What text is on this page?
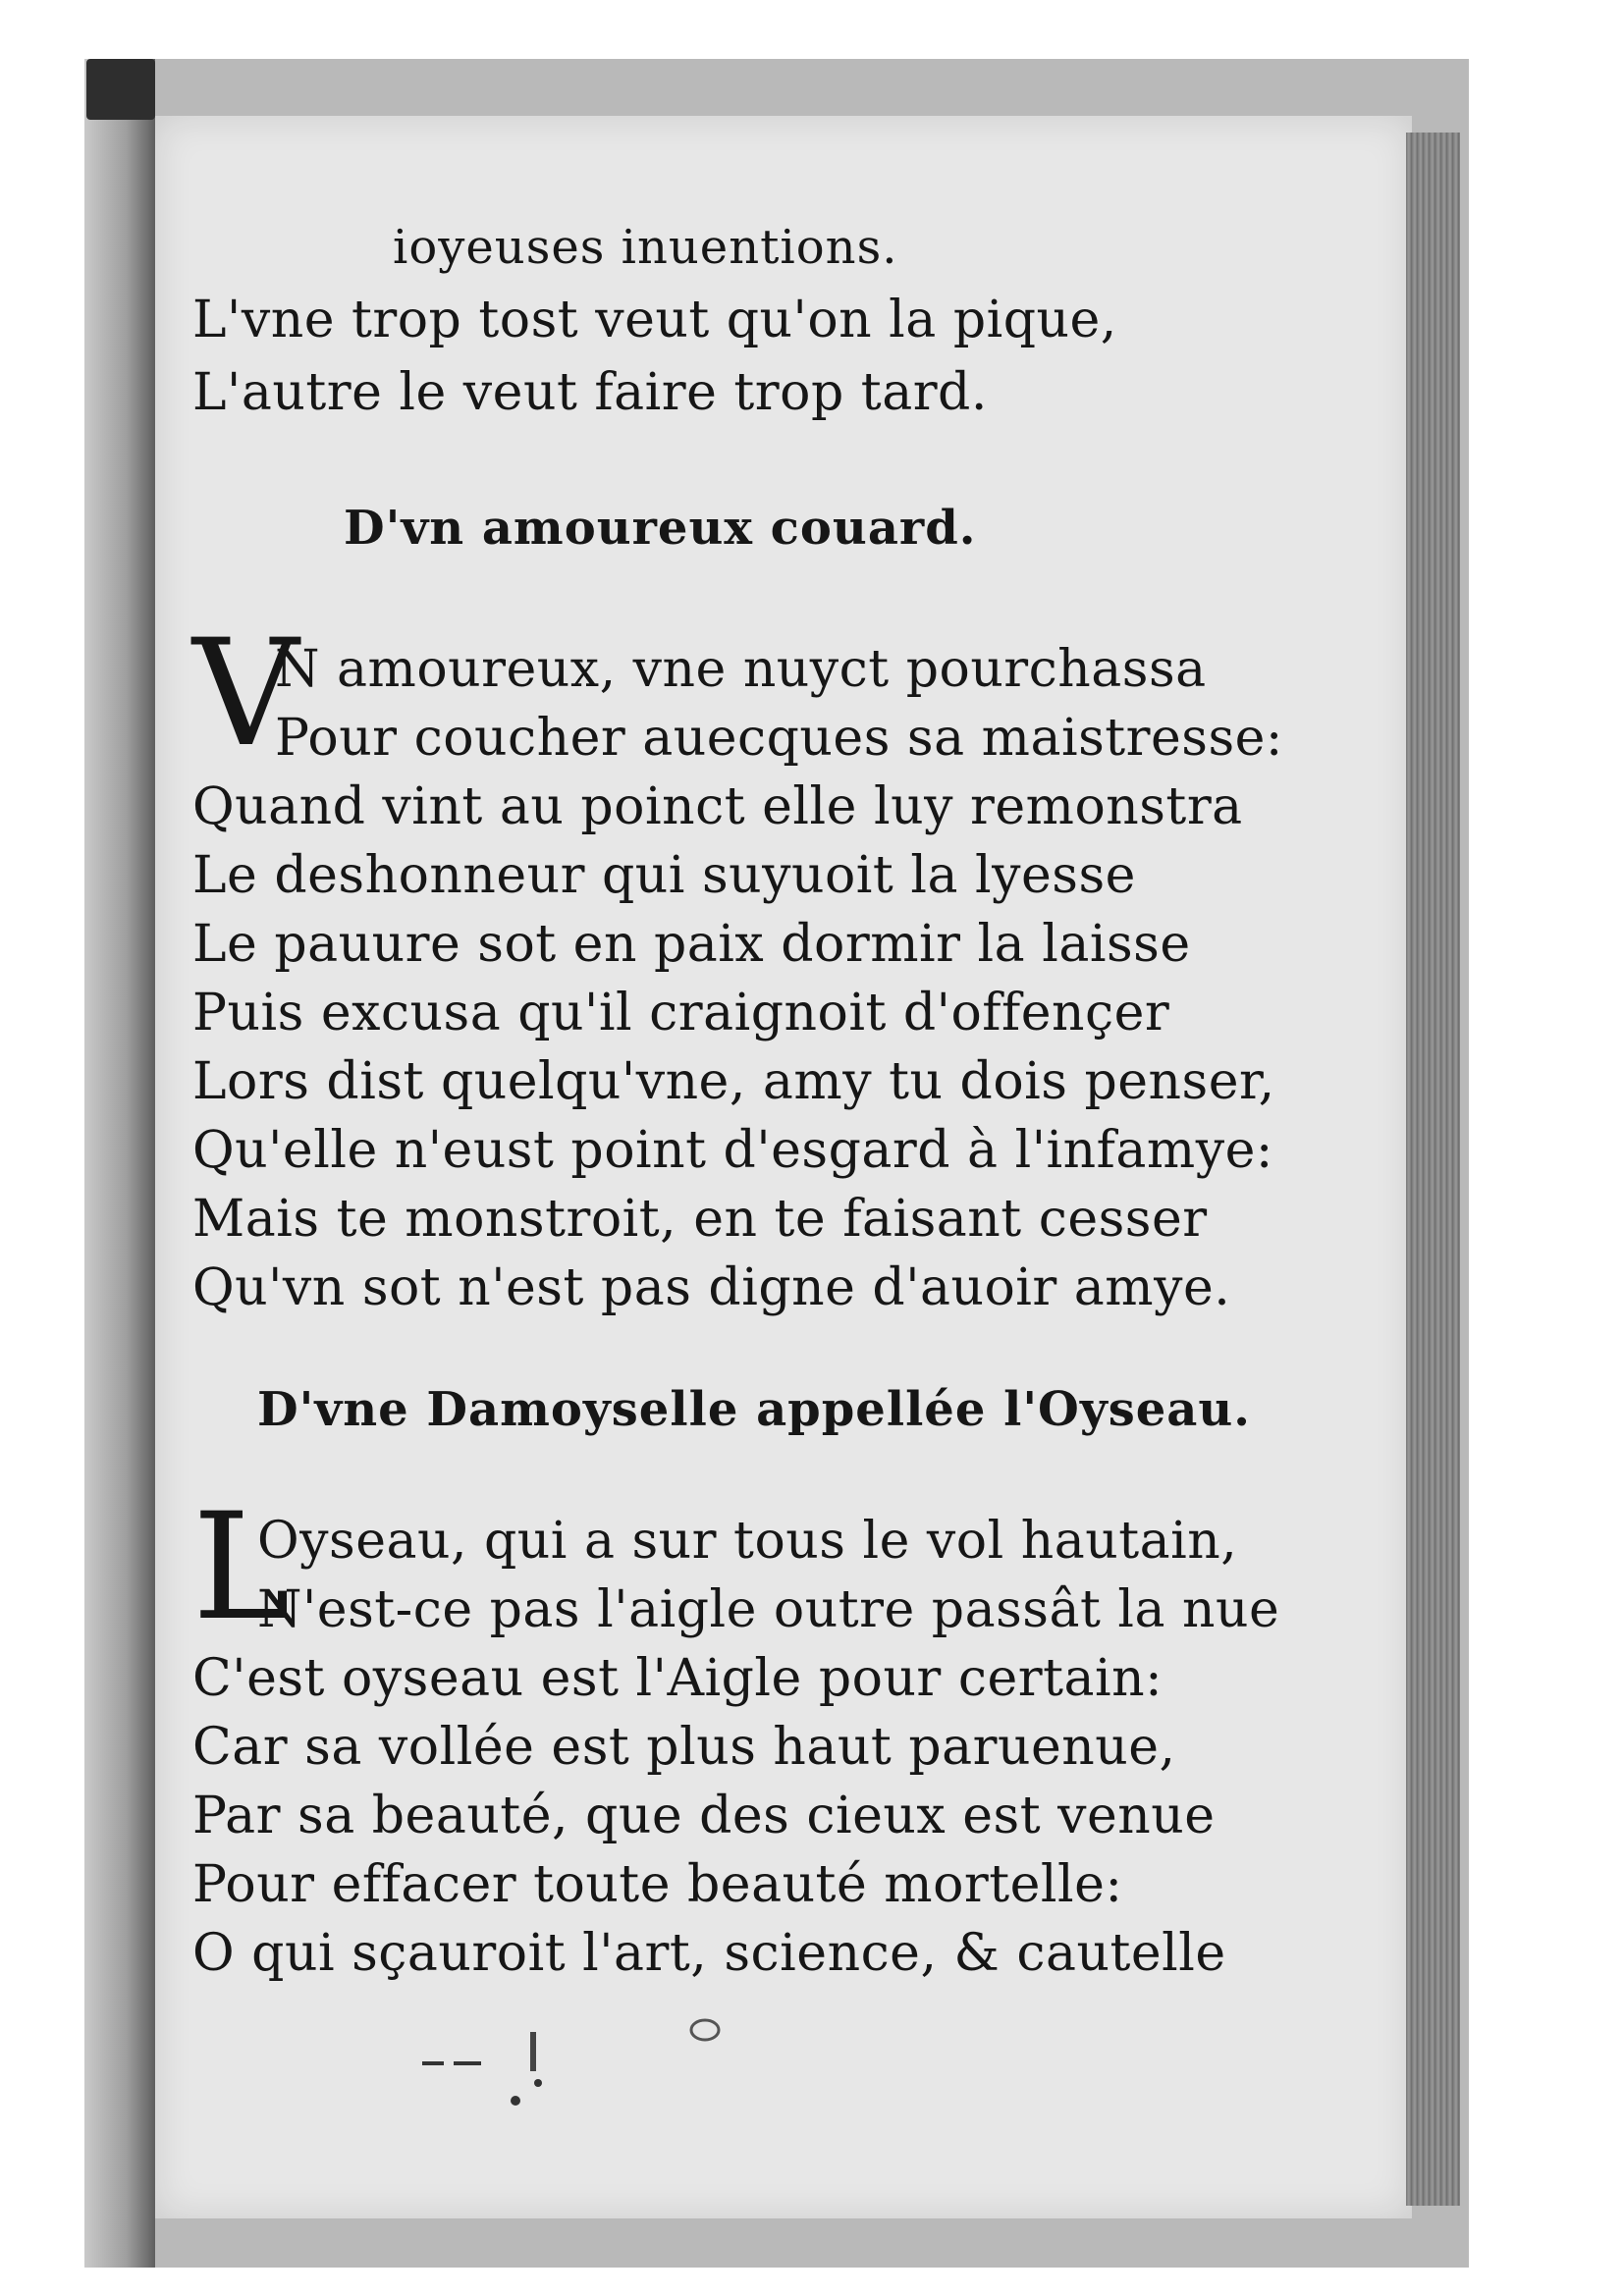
ioyeuses inuentions.
L'vne trop tost veut qu'on la pique,
L'autre le veut faire trop tard.
D'vn amoureux couard.
V
N amoureux, vne nuyct pourchassa
Pour coucher auecques sa maistresse:
Quand vint au poinct elle luy remonstra
Le deshonneur qui suyuoit la lyesse
Le pauure sot en paix dormir la laisse
Puis excusa qu'il craignoit d'offençer
Lors dist quelqu'vne, amy tu dois penser,
Qu'elle n'eust point d'esgard à l'infamye:
Mais te monstroit, en te faisant cesser
Qu'vn sot n'est pas digne d'auoir amye.
D'vne Damoyselle appellée l'Oyseau.
L
Oyseau, qui a sur tous le vol hautain,
N'est-ce pas l'aigle outre passât la nue
C'est oyseau est l'Aigle pour certain:
Car sa vollée est plus haut paruenue,
Par sa beauté, que des cieux est venue
Pour effacer toute beauté mortelle:
O qui sçauroit l'art, science, & cautelle
